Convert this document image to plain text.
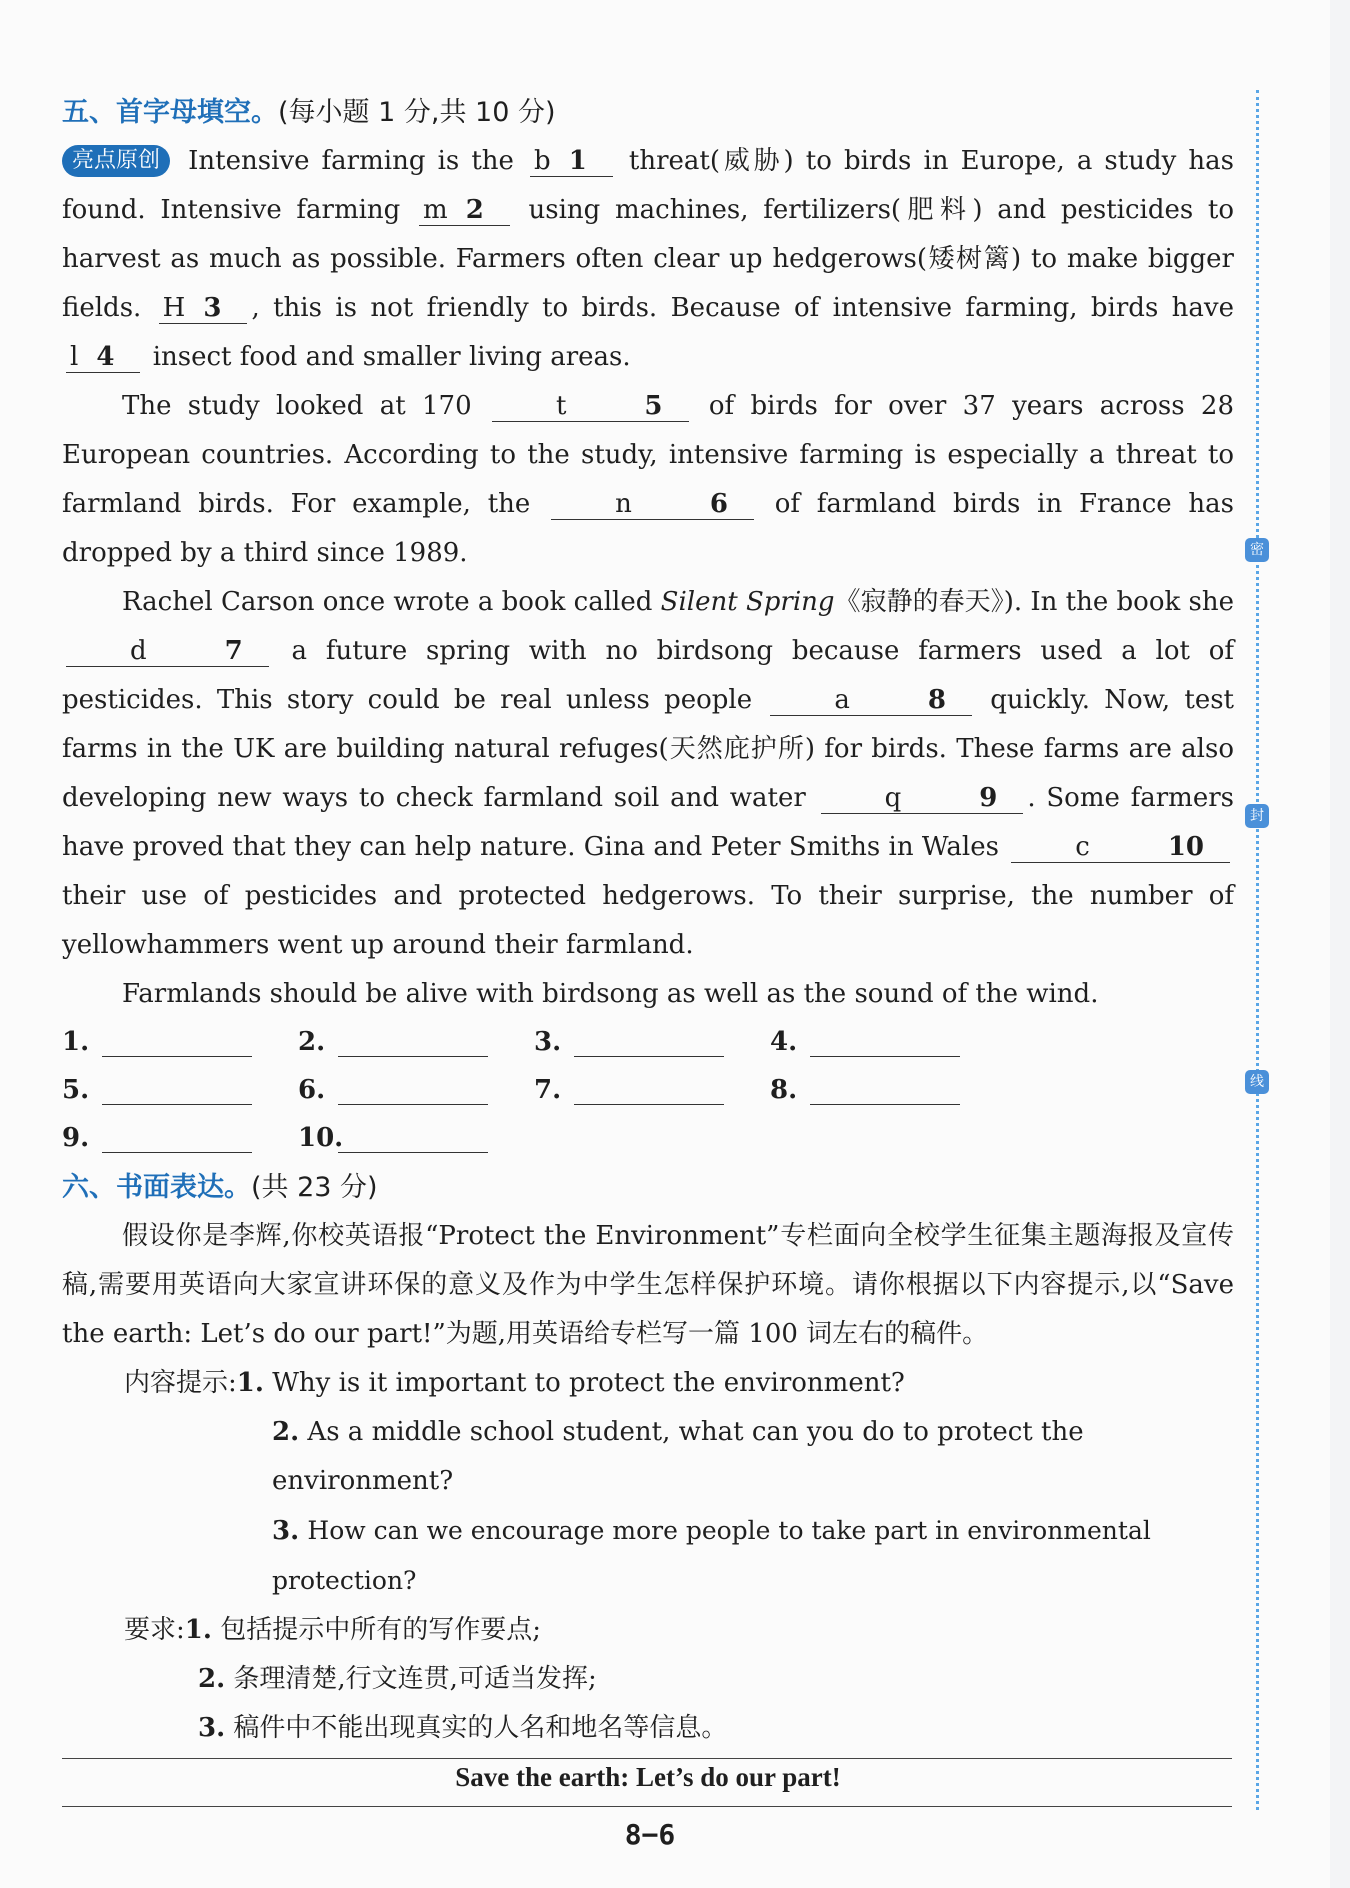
密
封
线
五、首字母填空。(每小题 1 分,共 10 分)

亮点原创 Intensive farming is the b 1 threat(威胁) to birds in Europe, a study has found. Intensive farming m 2 using machines, fertilizers(肥料) and pesticides to harvest as much as possible. Farmers often clear up hedgerows(矮树篱) to make bigger fields. H 3 , this is not friendly to birds. Because of intensive farming, birds have l 4 insect food and smaller living areas.

The study looked at 170	t	5 of birds for over 37 years across 28 European countries. According to the study, intensive farming is especially a threat to farmland birds. For example, the	n	6 of farmland birds in France has dropped by a third since 1989.

Rachel Carson once wrote a book called Silent Spring《寂静的春天》). In the book she d	7 a future spring with no birdsong because farmers used a lot of pesticides. This story could be real unless people	a	8 quickly. Now, test farms in the UK are building natural refuges(天然庇护所) for birds. These farms are also developing new ways to check farmland soil and water	q	9 . Some farmers have proved that they can help nature. Gina and Peter Smiths in Wales	c	10 their use of pesticides and protected hedgerows. To their surprise, the number of yellowhammers went up around their farmland.

Farmlands should be alive with birdsong as well as the sound of the wind.

1.	2.	3.	4.
5.	6.	7.	8.
9.	10.
六、书面表达。(共 23 分)

假设你是李辉,你校英语报“Protect the Environment”专栏面向全校学生征集主题海报及宣传稿,需要用英语向大家宣讲环保的意义及作为中学生怎样保护环境。请你根据以下内容提示,以“Save the earth: Let’s do our part!”为题,用英语给专栏写一篇 100 词左右的稿件。

内容提示:1. Why is it important to protect the environment?
2. As a middle school student, what can you do to protect the environment?
3. How can we encourage more people to take part in environmental protection?
要求:1. 包括提示中所有的写作要点;
2. 条理清楚,行文连贯,可适当发挥;
3. 稿件中不能出现真实的人名和地名等信息。
Save the earth: Let’s do our part!
8−6
